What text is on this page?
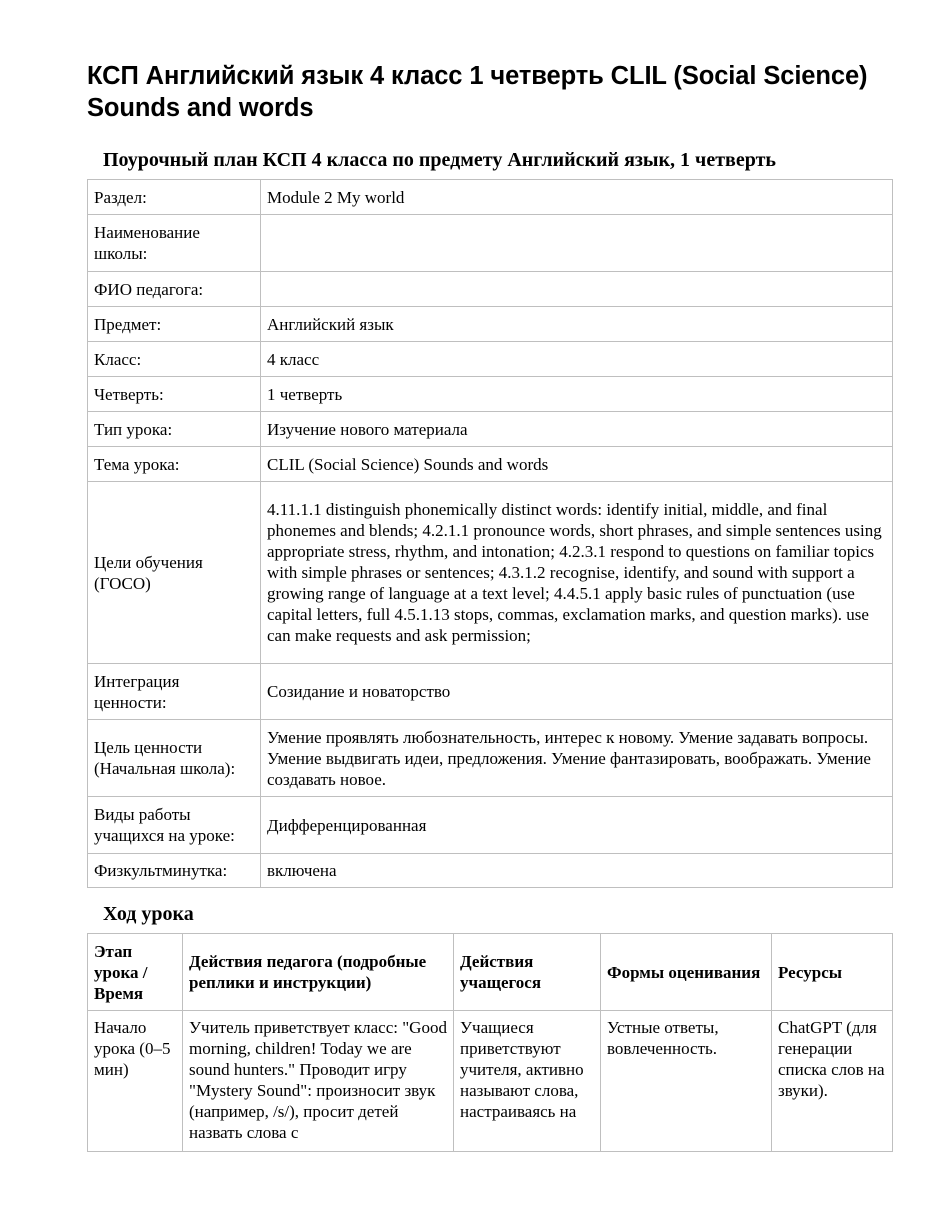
КСП Английский язык 4 класс 1 четверть CLIL (Social Science) Sounds and words
Поурочный план КСП 4 класса по предмету Английский язык, 1 четверть
Раздел:	Module 2 My world
Наименование школы:	
ФИО педагога:	
Предмет:	Английский язык
Класс:	4 класс
Четверть:	1 четверть
Тип урока:	Изучение нового материала
Тема урока:	CLIL (Social Science) Sounds and words
Цели обучения (ГОСО)	4.11.1.1 distinguish phonemically distinct words: identify initial, middle, and final phonemes and blends; 4.2.1.1 pronounce words, short phrases, and simple sentences using appropriate stress, rhythm, and intonation; 4.2.3.1 respond to questions on familiar topics with simple phrases or sentences; 4.3.1.2 recognise, identify, and sound with support a growing range of language at a text level; 4.4.5.1 apply basic rules of punctuation (use capital letters, full 4.5.1.13 stops, commas, exclamation marks, and question marks). use can make requests and ask permission;
Интеграция ценности:	Созидание и новаторство
Цель ценности (Начальная школа):	Умение проявлять любознательность, интерес к новому. Умение задавать вопросы. Умение выдвигать идеи, предложения. Умение фантазировать, воображать. Умение создавать новое.
Виды работы учащихся на уроке:	Дифференцированная
Физкультминутка:	включена
Ход урока
Этап урока / Время	Действия педагога (подробные реплики и инструкции)	Действия учащегося	Формы оценивания	Ресурсы

Начало урока (0–5 мин)	Учитель приветствует класс: "Good morning, children! Today we are sound hunters." Проводит игру "Mystery Sound": произносит звук (например, /s/), просит детей назвать слова с	Учащиеся приветствуют учителя, активно называют слова, настраиваясь на	Устные ответы, вовлеченность.	ChatGPT (для генерации списка слов на звуки).
